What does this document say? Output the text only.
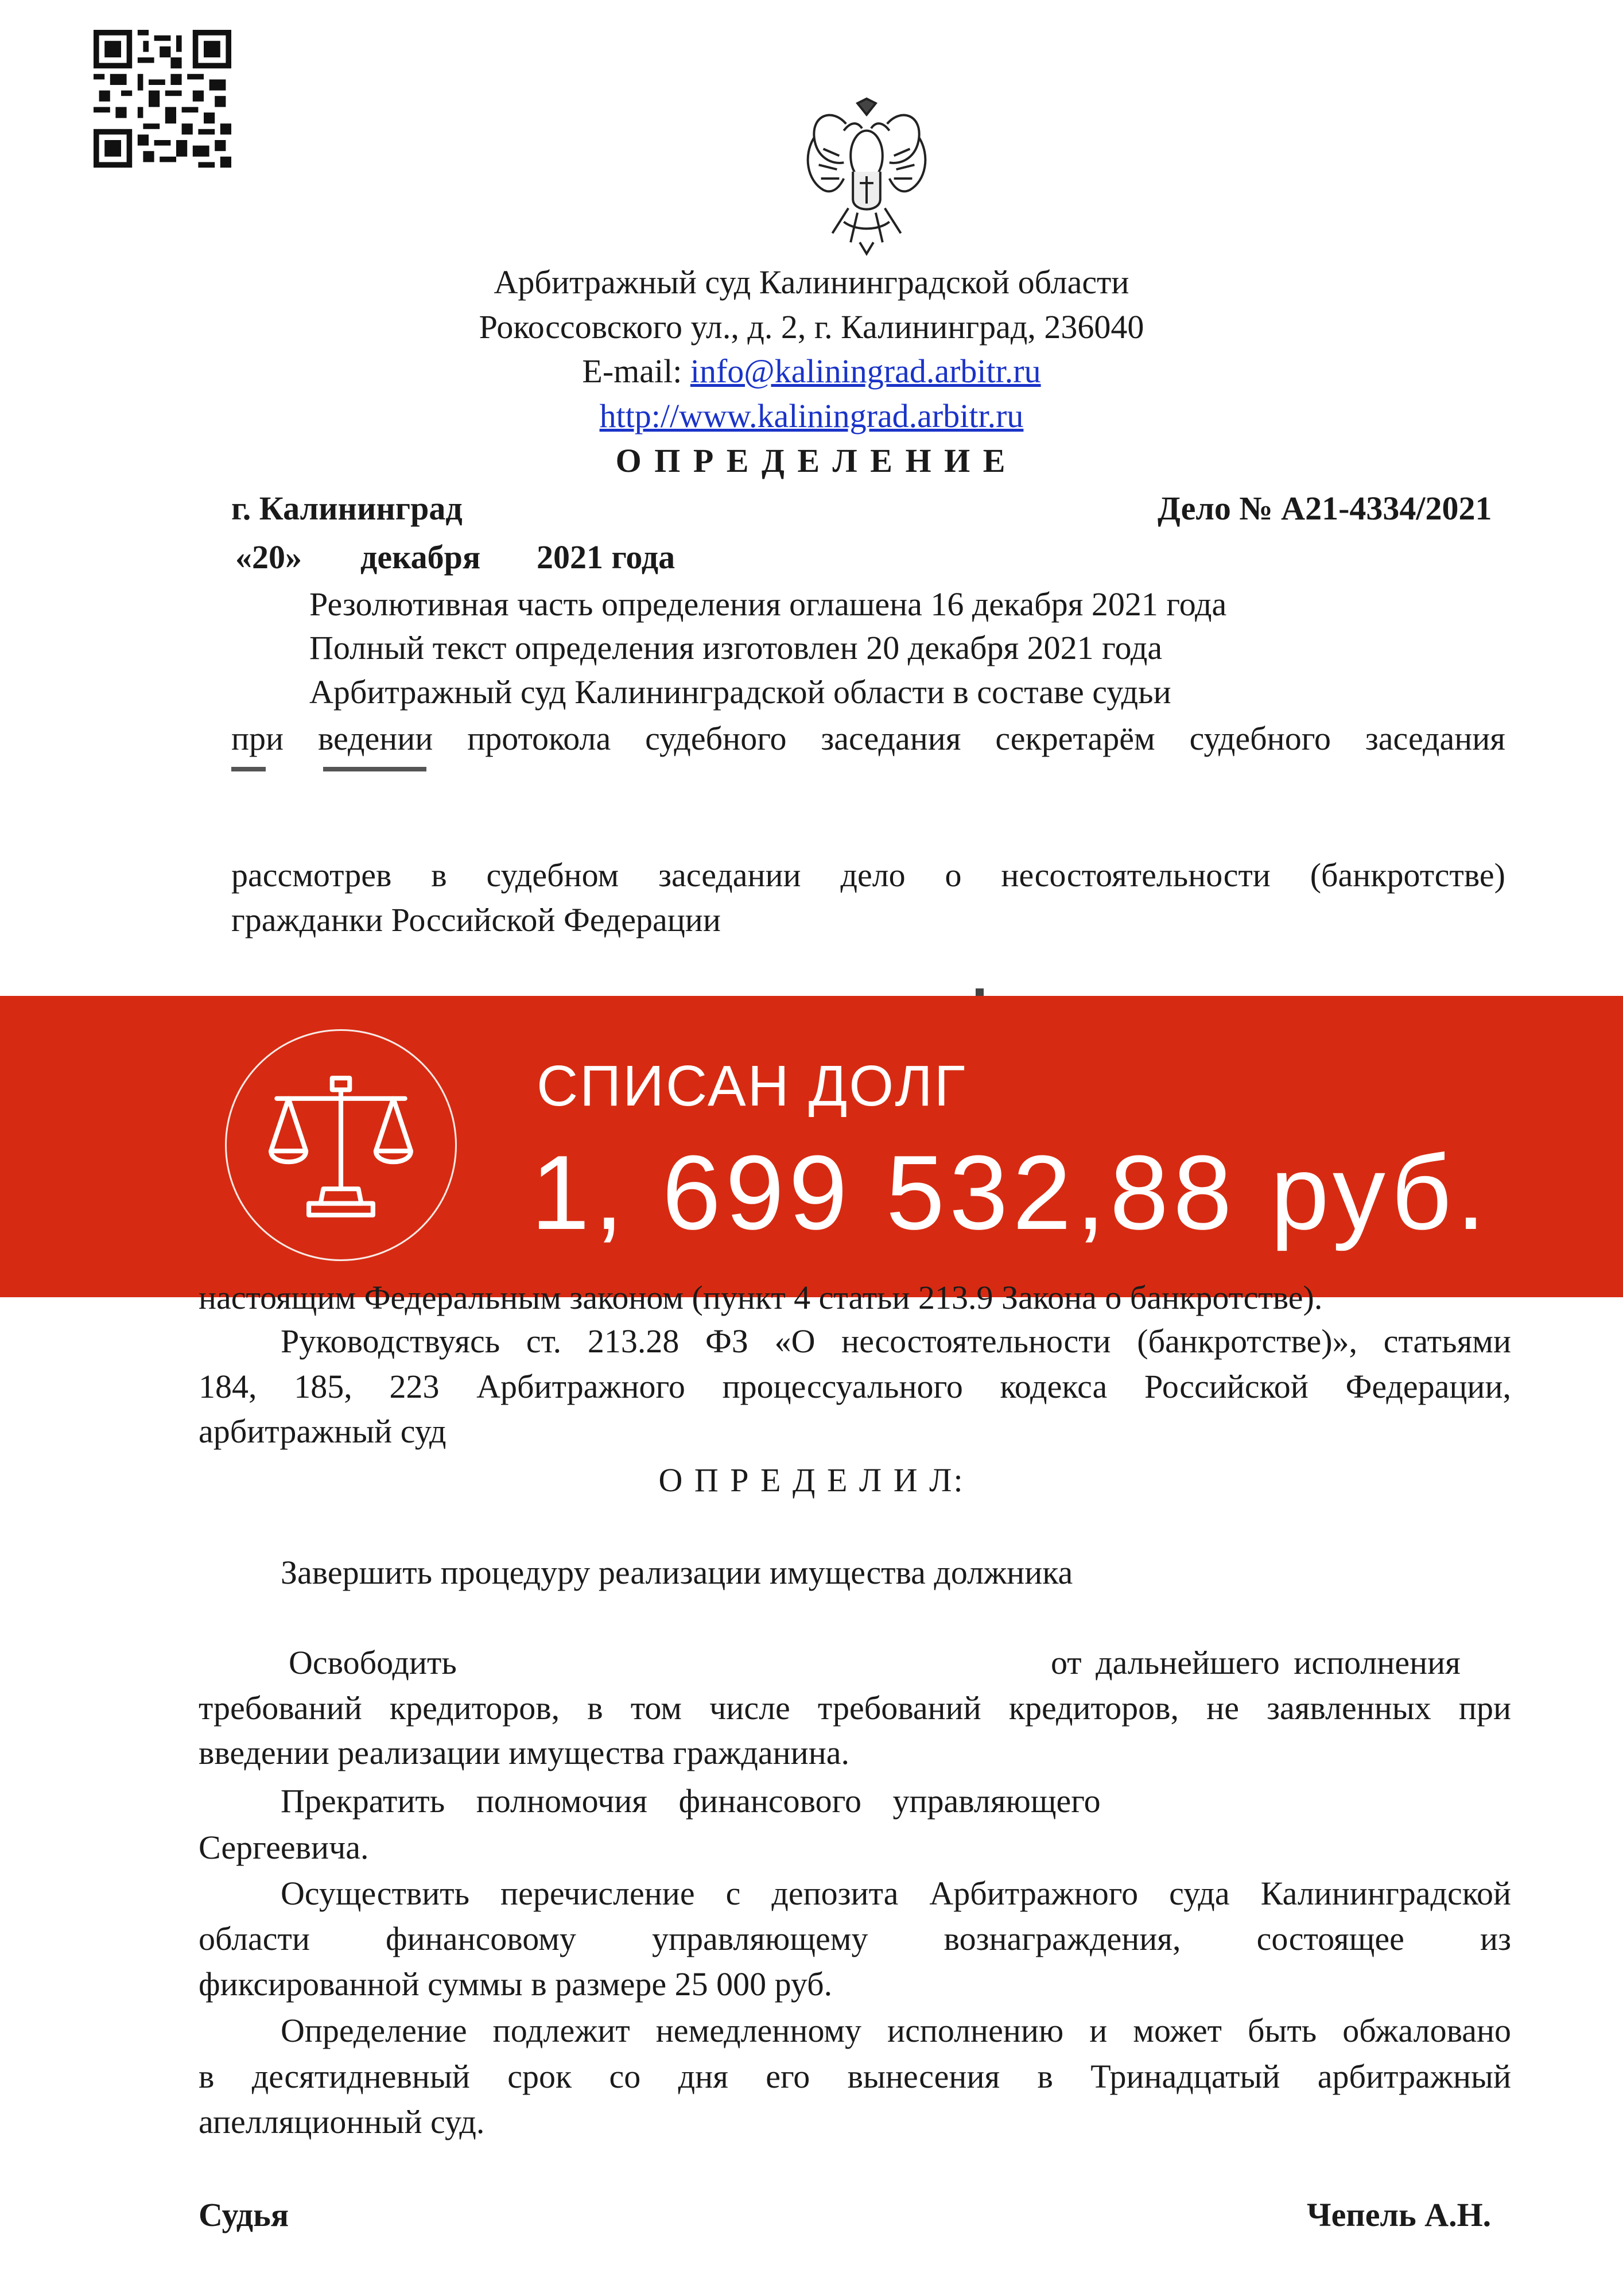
Арбитражный суд Калининградской области
Рокоссовского ул., д. 2, г. Калининград, 236040
E-mail: info@kaliningrad.arbitr.ru
http://www.kaliningrad.arbitr.ru
О П Р Е Д Е Л Е Н И Е
г. Калининград	Дело № А21-4334/2021
«20» декабря 2021 года
Резолютивная часть определения оглашена 16 декабря 2021 года
Полный текст определения изготовлен 20 декабря 2021 года
Арбитражный суд Калининградской области в составе судьи
при ведении протокола судебного заседания секретарём судебного заседания
рассмотрев в судебном заседании дело о несостоятельности (банкротстве)
гражданки Российской Федерации
СПИСАН ДОЛГ
1, 699 532,88 руб.
настоящим Федеральным законом (пункт 4 статьи 213.9 Закона о банкротстве).
Руководствуясь ст. 213.28 ФЗ «О несостоятельности (банкротстве)», статьями
184, 185, 223 Арбитражного процессуального кодекса Российской Федерации,
арбитражный суд
О П Р Е Д Е Л И Л:
Завершить процедуру реализации имущества должника
Освободить	от дальнейшего исполнения
требований кредиторов, в том числе требований кредиторов, не заявленных при
введении реализации имущества гражданина.
Прекратить полномочия финансового управляющего
Сергеевича.
Осуществить перечисление с депозита Арбитражного суда Калининградской
области финансовому управляющему вознаграждения, состоящее из
фиксированной суммы в размере 25 000 руб.
Определение подлежит немедленному исполнению и может быть обжаловано
в десятидневный срок со дня его вынесения в Тринадцатый арбитражный
апелляционный суд.
Судья	Чепель А.Н.
